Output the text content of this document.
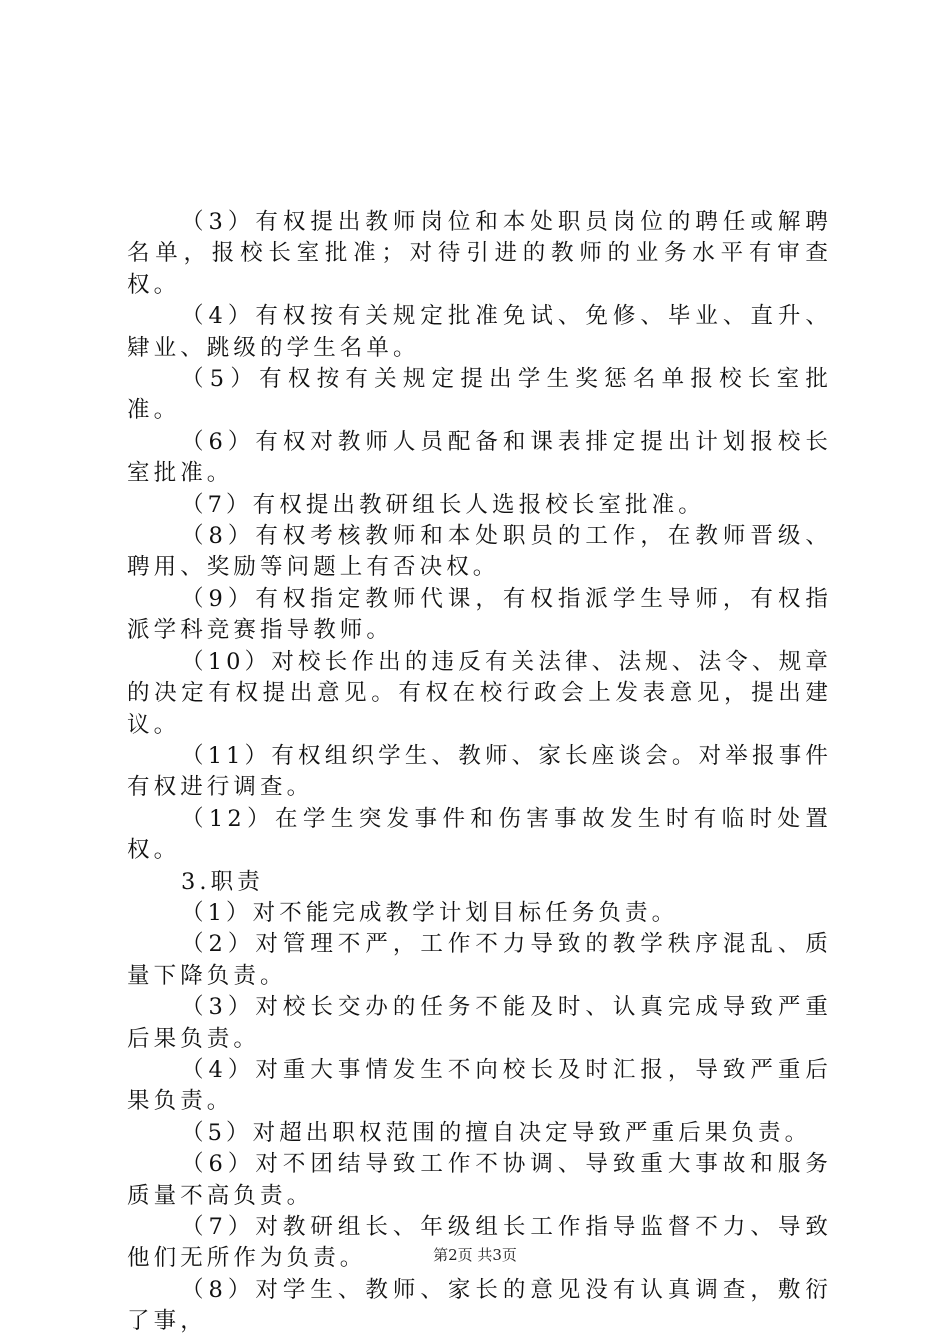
（3）有权提出教师岗位和本处职员岗位的聘任或解聘名单，报校长室批准；对待引进的教师的业务水平有审查权。

（4）有权按有关规定批准免试、免修、毕业、直升、肄业、跳级的学生名单。

（5）有权按有关规定提出学生奖惩名单报校长室批准。

（6）有权对教师人员配备和课表排定提出计划报校长室批准。

（7）有权提出教研组长人选报校长室批准。

（8）有权考核教师和本处职员的工作，在教师晋级、聘用、奖励等问题上有否决权。

（9）有权指定教师代课，有权指派学生导师，有权指派学科竞赛指导教师。

（10）对校长作出的违反有关法律、法规、法令、规章的决定有权提出意见。有权在校行政会上发表意见，提出建议。

（11）有权组织学生、教师、家长座谈会。对举报事件有权进行调查。

（12）在学生突发事件和伤害事故发生时有临时处置权。

3.职责

（1）对不能完成教学计划目标任务负责。

（2）对管理不严，工作不力导致的教学秩序混乱、质量下降负责。

（3）对校长交办的任务不能及时、认真完成导致严重后果负责。

（4）对重大事情发生不向校长及时汇报，导致严重后果负责。

（5）对超出职权范围的擅自决定导致严重后果负责。

（6）对不团结导致工作不协调、导致重大事故和服务质量不高负责。

（7）对教研组长、年级组长工作指导监督不力、导致他们无所作为负责。

（8）对学生、教师、家长的意见没有认真调查，敷衍了事，

第2页 共3页
